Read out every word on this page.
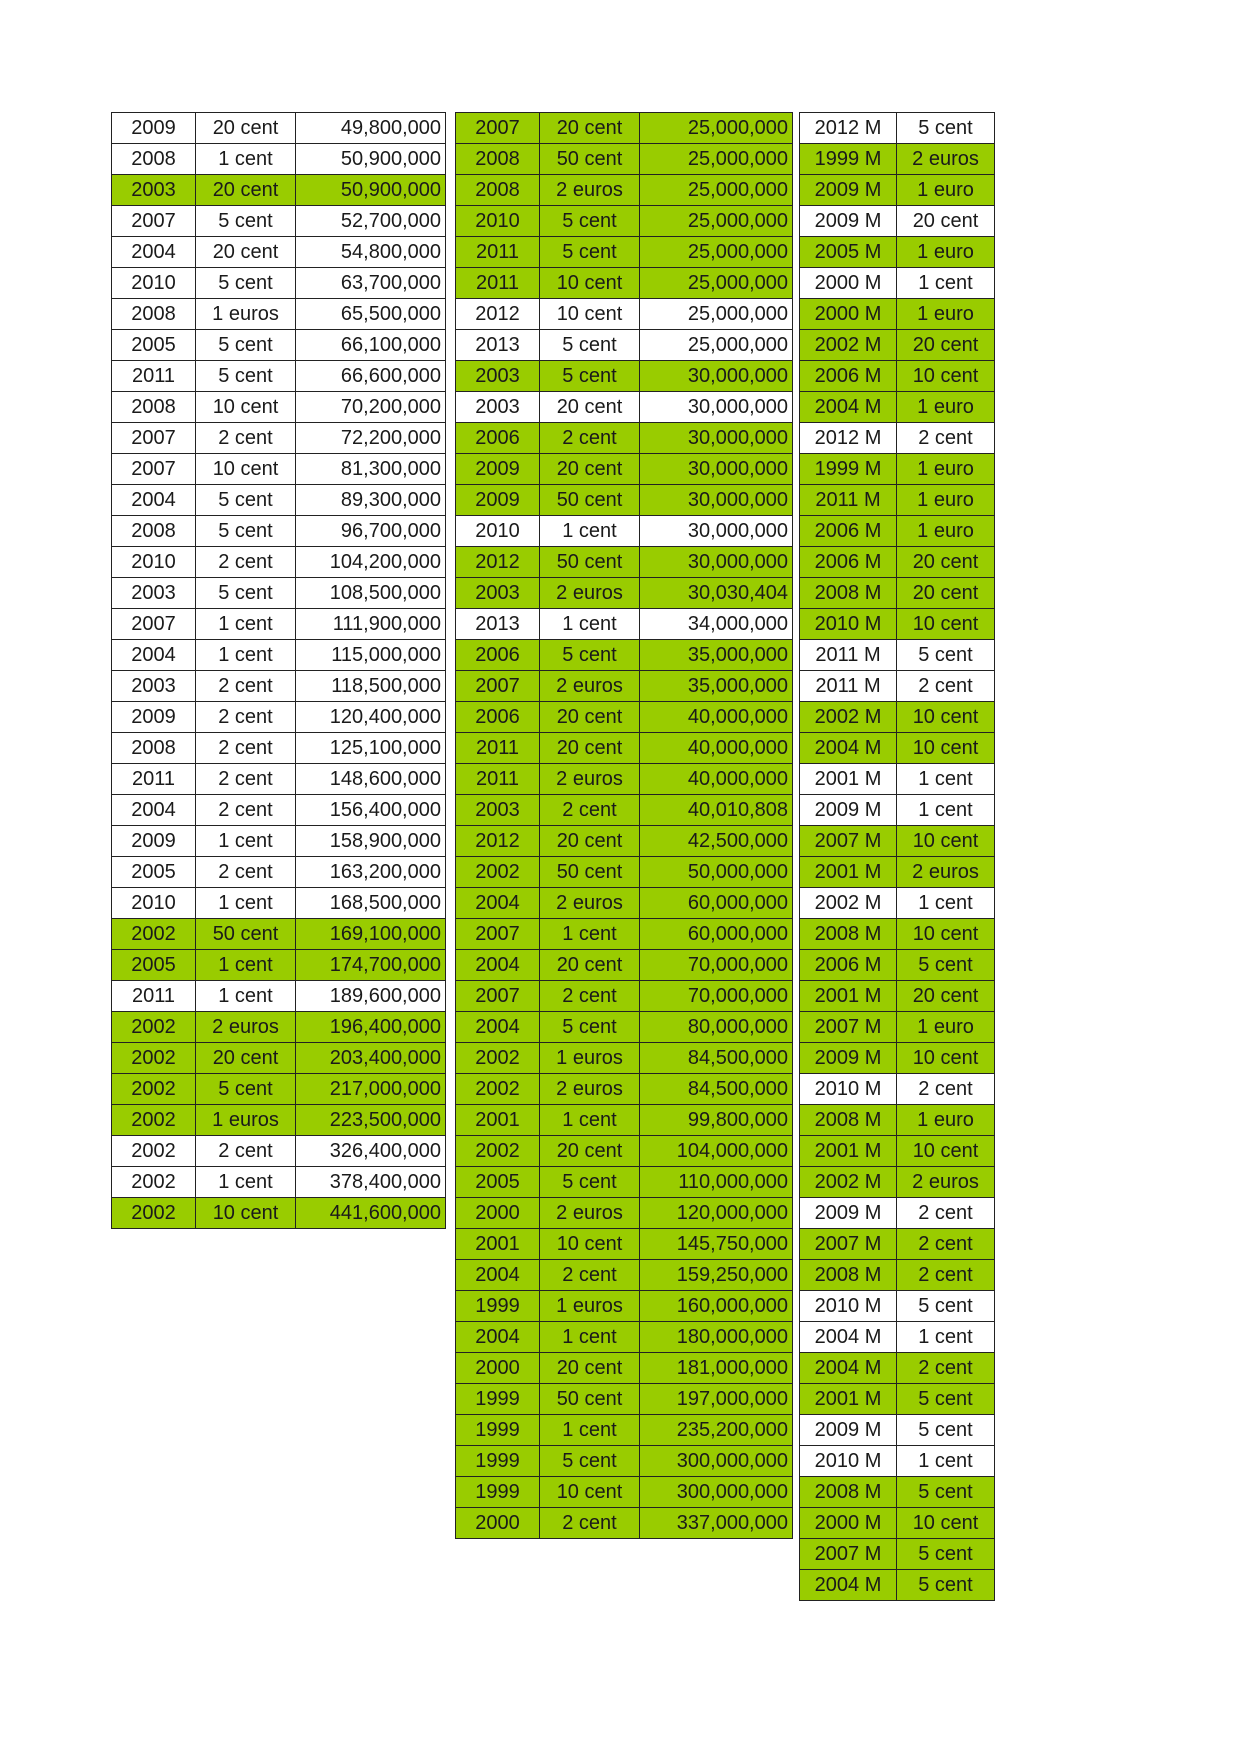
2009	20 cent	49,800,000
2008	1 cent	50,900,000
2003	20 cent	50,900,000
2007	5 cent	52,700,000
2004	20 cent	54,800,000
2010	5 cent	63,700,000
2008	1 euros	65,500,000
2005	5 cent	66,100,000
2011	5 cent	66,600,000
2008	10 cent	70,200,000
2007	2 cent	72,200,000
2007	10 cent	81,300,000
2004	5 cent	89,300,000
2008	5 cent	96,700,000
2010	2 cent	104,200,000
2003	5 cent	108,500,000
2007	1 cent	111,900,000
2004	1 cent	115,000,000
2003	2 cent	118,500,000
2009	2 cent	120,400,000
2008	2 cent	125,100,000
2011	2 cent	148,600,000
2004	2 cent	156,400,000
2009	1 cent	158,900,000
2005	2 cent	163,200,000
2010	1 cent	168,500,000
2002	50 cent	169,100,000
2005	1 cent	174,700,000
2011	1 cent	189,600,000
2002	2 euros	196,400,000
2002	20 cent	203,400,000
2002	5 cent	217,000,000
2002	1 euros	223,500,000
2002	2 cent	326,400,000
2002	1 cent	378,400,000
2002	10 cent	441,600,000
2007	20 cent	25,000,000
2008	50 cent	25,000,000
2008	2 euros	25,000,000
2010	5 cent	25,000,000
2011	5 cent	25,000,000
2011	10 cent	25,000,000
2012	10 cent	25,000,000
2013	5 cent	25,000,000
2003	5 cent	30,000,000
2003	20 cent	30,000,000
2006	2 cent	30,000,000
2009	20 cent	30,000,000
2009	50 cent	30,000,000
2010	1 cent	30,000,000
2012	50 cent	30,000,000
2003	2 euros	30,030,404
2013	1 cent	34,000,000
2006	5 cent	35,000,000
2007	2 euros	35,000,000
2006	20 cent	40,000,000
2011	20 cent	40,000,000
2011	2 euros	40,000,000
2003	2 cent	40,010,808
2012	20 cent	42,500,000
2002	50 cent	50,000,000
2004	2 euros	60,000,000
2007	1 cent	60,000,000
2004	20 cent	70,000,000
2007	2 cent	70,000,000
2004	5 cent	80,000,000
2002	1 euros	84,500,000
2002	2 euros	84,500,000
2001	1 cent	99,800,000
2002	20 cent	104,000,000
2005	5 cent	110,000,000
2000	2 euros	120,000,000
2001	10 cent	145,750,000
2004	2 cent	159,250,000
1999	1 euros	160,000,000
2004	1 cent	180,000,000
2000	20 cent	181,000,000
1999	50 cent	197,000,000
1999	1 cent	235,200,000
1999	5 cent	300,000,000
1999	10 cent	300,000,000
2000	2 cent	337,000,000
2012 M	5 cent
1999 M	2 euros
2009 M	1 euro
2009 M	20 cent
2005 M	1 euro
2000 M	1 cent
2000 M	1 euro
2002 M	20 cent
2006 M	10 cent
2004 M	1 euro
2012 M	2 cent
1999 M	1 euro
2011 M	1 euro
2006 M	1 euro
2006 M	20 cent
2008 M	20 cent
2010 M	10 cent
2011 M	5 cent
2011 M	2 cent
2002 M	10 cent
2004 M	10 cent
2001 M	1 cent
2009 M	1 cent
2007 M	10 cent
2001 M	2 euros
2002 M	1 cent
2008 M	10 cent
2006 M	5 cent
2001 M	20 cent
2007 M	1 euro
2009 M	10 cent
2010 M	2 cent
2008 M	1 euro
2001 M	10 cent
2002 M	2 euros
2009 M	2 cent
2007 M	2 cent
2008 M	2 cent
2010 M	5 cent
2004 M	1 cent
2004 M	2 cent
2001 M	5 cent
2009 M	5 cent
2010 M	1 cent
2008 M	5 cent
2000 M	10 cent
2007 M	5 cent
2004 M	5 cent
